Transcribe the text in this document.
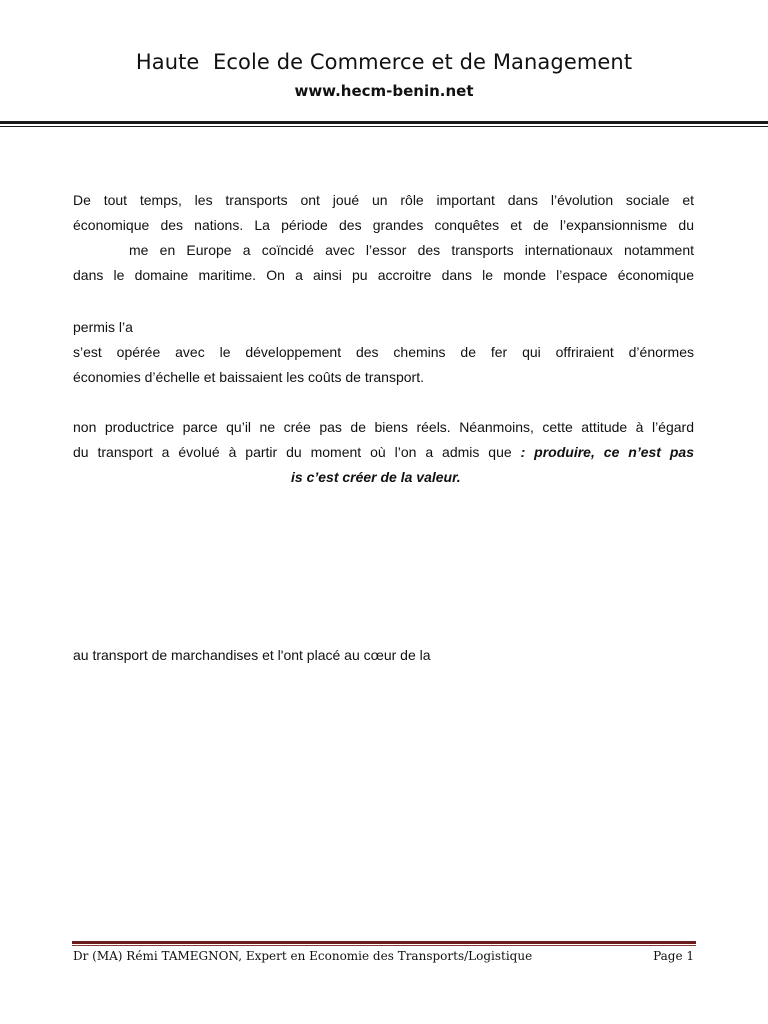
Haute  Ecole de Commerce et de Management
www.hecm-benin.net
De tout temps, les transports ont joué un rôle important dans l’évolution sociale et
économique des nations. La période des grandes conquêtes et de l’expansionnisme du
me en Europe a coïncidé avec l’essor des transports internationaux notamment
dans le domaine maritime. On a ainsi pu accroitre dans le monde l’espace économique
permis l’a
s’est opérée avec le développement des chemins de fer qui offriraient d’énormes
économies d’échelle et baissaient les coûts de transport.
non productrice parce qu’il ne crée pas de biens réels. Néanmoins, cette attitude à l’égard
du transport a évolué à partir du moment où l’on a admis que : produire, ce n’est pas
is c’est créer de la valeur.
au transport de marchandises et l'ont placé au cœur de la
Dr (MA) Rémi TAMEGNON, Expert en Economie des Transports/Logistique	Page 1
